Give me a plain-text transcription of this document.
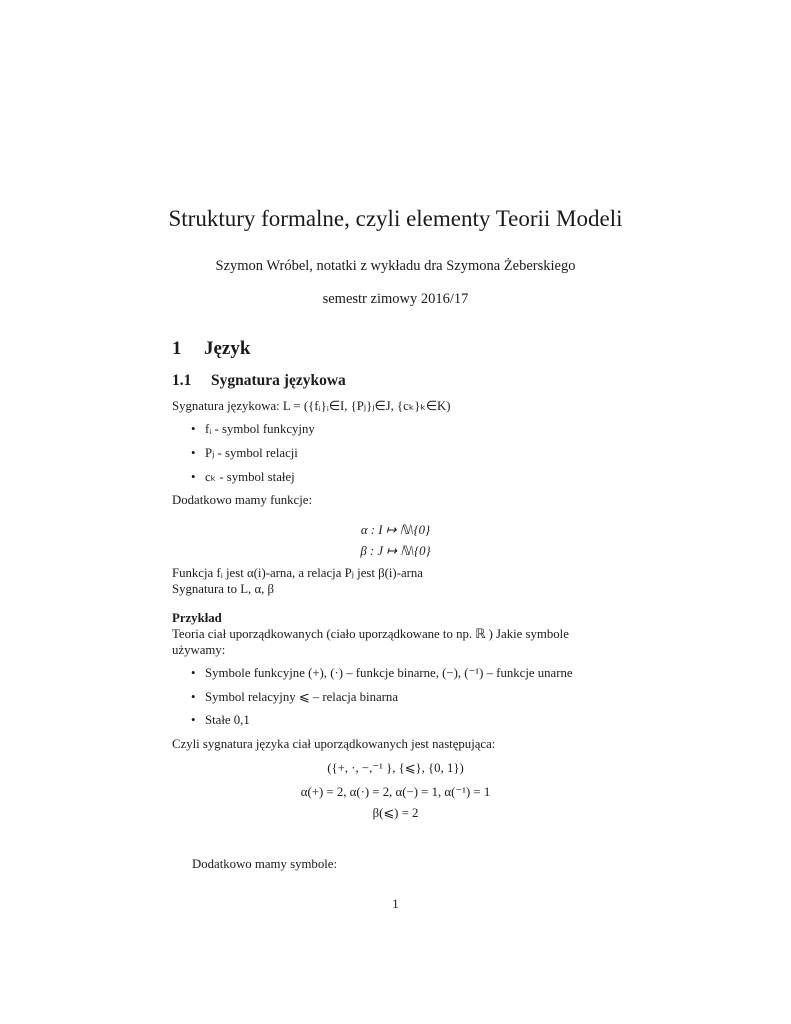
Struktury formalne, czyli elementy Teorii Modeli
Szymon Wróbel, notatki z wykładu dra Szymona Żeberskiego
semestr zimowy 2016/17
1 Język
1.1 Sygnatura językowa
Sygnatura językowa: L = ({fᵢ}ᵢ∈I, {Pⱼ}ⱼ∈J, {cₖ}ₖ∈K)
• fᵢ - symbol funkcyjny
• Pⱼ - symbol relacji
• cₖ - symbol stałej
Dodatkowo mamy funkcje:
α : I ↦ ℕ\{0}
β : J ↦ ℕ\{0}
Funkcja fᵢ jest α(i)-arna, a relacja Pⱼ jest β(i)-arna
Sygnatura to L, α, β
Przykład
Teoria ciał uporządkowanych (ciało uporządkowane to np. ℝ ) Jakie symbole
używamy:
• Symbole funkcyjne (+), (·) – funkcje binarne, (−), (⁻¹) – funkcje unarne
• Symbol relacyjny ⩽ – relacja binarna
• Stałe 0,1
Czyli sygnatura języka ciał uporządkowanych jest następująca:
({+, ·, −,⁻¹ }, {⩽}, {0, 1})
α(+) = 2, α(·) = 2, α(−) = 1, α(⁻¹) = 1
β(⩽) = 2
Dodatkowo mamy symbole:
1
